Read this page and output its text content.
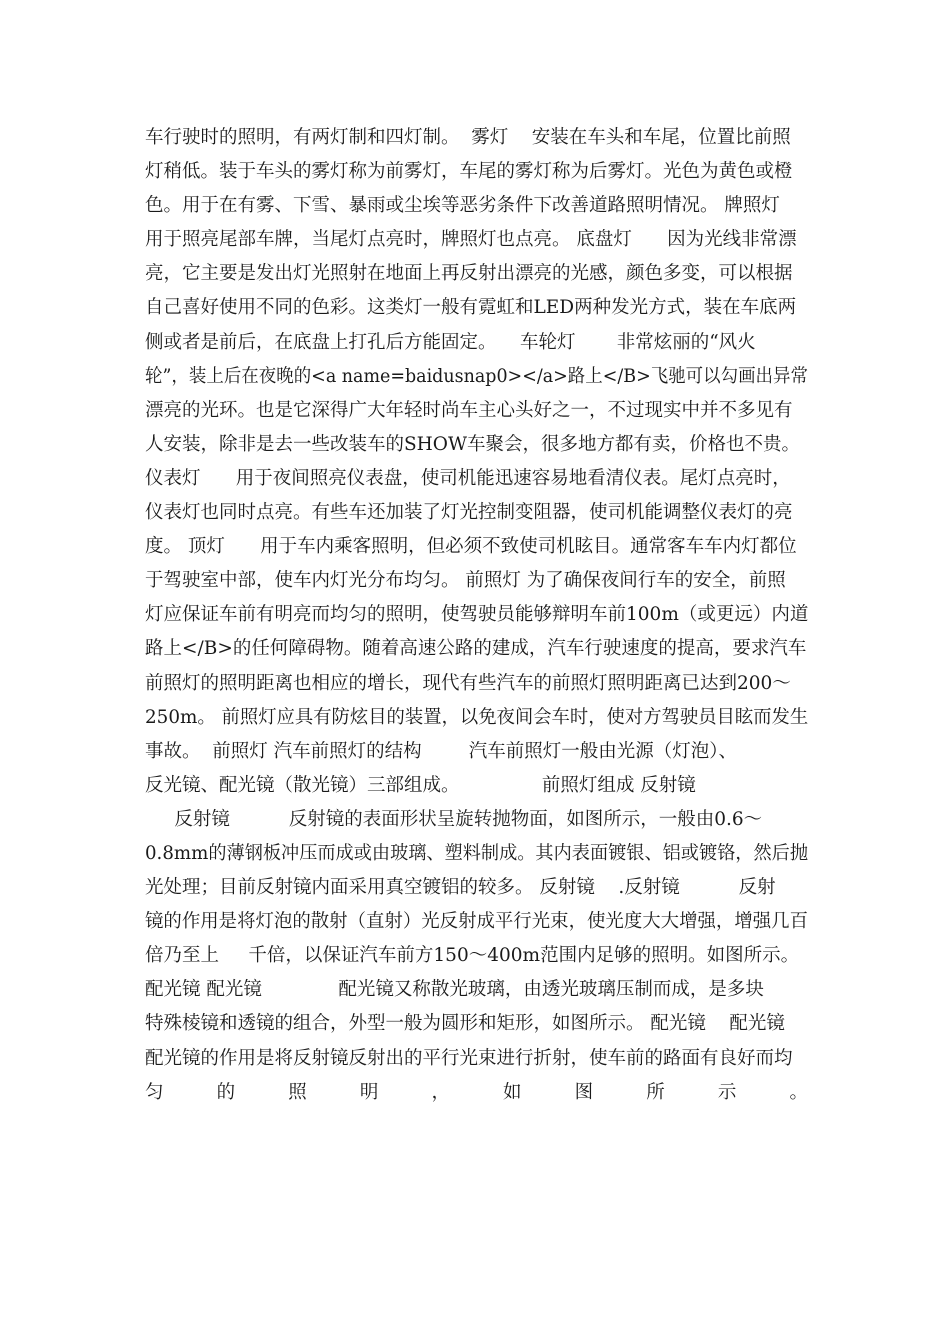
车行驶时的照明，有两灯制和四灯制。  雾灯    安装在车头和车尾，位置比前照
灯稍低。装于车头的雾灯称为前雾灯，车尾的雾灯称为后雾灯。光色为黄色或橙
色。用于在有雾、下雪、暴雨或尘埃等恶劣条件下改善道路照明情况。 牌照灯
用于照亮尾部车牌，当尾灯点亮时，牌照灯也点亮。 底盘灯      因为光线非常漂
亮，它主要是发出灯光照射在地面上再反射出漂亮的光感，颜色多变，可以根据
自己喜好使用不同的色彩。这类灯一般有霓虹和LED两种发光方式，装在车底两
侧或者是前后，在底盘上打孔后方能固定。    车轮灯       非常炫丽的“风火
轮”，装上后在夜晚的<a name=baidusnap0></a>路上</B>飞驰可以勾画出异常
漂亮的光环。也是它深得广大年轻时尚车主心头好之一，不过现实中并不多见有
人安装，除非是去一些改装车的SHOW车聚会，很多地方都有卖，价格也不贵。
仪表灯      用于夜间照亮仪表盘，使司机能迅速容易地看清仪表。尾灯点亮时，
仪表灯也同时点亮。有些车还加装了灯光控制变阻器，使司机能调整仪表灯的亮
度。 顶灯      用于车内乘客照明，但必须不致使司机眩目。通常客车车内灯都位
于驾驶室中部，使车内灯光分布均匀。 前照灯 为了确保夜间行车的安全，前照
灯应保证车前有明亮而均匀的照明，使驾驶员能够辩明车前100m（或更远）内道
路上</B>的任何障碍物。随着高速公路的建成，汽车行驶速度的提高，要求汽车
前照灯的照明距离也相应的增长，现代有些汽车的前照灯照明距离已达到200～
250m。 前照灯应具有防炫目的装置，以免夜间会车时，使对方驾驶员目眩而发生
事故。  前照灯 汽车前照灯的结构        汽车前照灯一般由光源（灯泡）、
反光镜、配光镜（散光镜）三部组成。              前照灯组成 反射镜
反射镜          反射镜的表面形状呈旋转抛物面，如图所示，一般由0.6～
0.8mm的薄钢板冲压而成或由玻璃、塑料制成。其内表面镀银、铝或镀铬，然后抛
光处理；目前反射镜内面采用真空镀铝的较多。 反射镜    .反射镜          反射
镜的作用是将灯泡的散射（直射）光反射成平行光束，使光度大大增强，增强几百
倍乃至上     千倍，以保证汽车前方150～400m范围内足够的照明。如图所示。
配光镜 配光镜             配光镜又称散光玻璃，由透光玻璃压制而成，是多块
特殊棱镜和透镜的组合，外型一般为圆形和矩形，如图所示。 配光镜    配光镜
配光镜的作用是将反射镜反射出的平行光束进行折射，使车前的路面有良好而均
匀 的 照 明 ， 如 图 所 示 。
